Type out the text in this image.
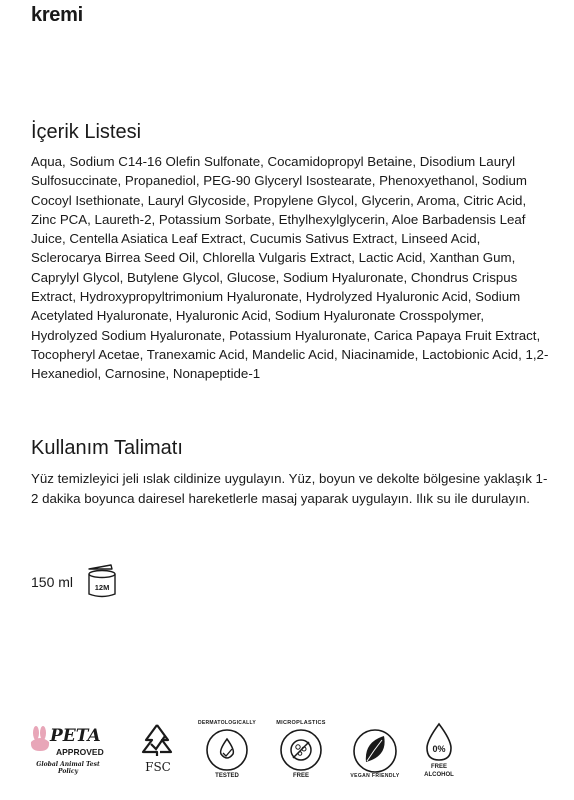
kremi
İçerik Listesi

Aqua, Sodium C14-16 Olefin Sulfonate, Cocamidopropyl Betaine, Disodium Lauryl Sulfosuccinate, Propanediol, PEG-90 Glyceryl Isostearate, Phenoxyethanol, Sodium Cocoyl Isethionate, Lauryl Glycoside, Propylene Glycol, Glycerin, Aroma, Citric Acid, Zinc PCA, Laureth-2, Potassium Sorbate, Ethylhexylglycerin, Aloe Barbadensis Leaf Juice, Centella Asiatica Leaf Extract, Cucumis Sativus Extract, Linseed Acid, Sclerocarya Birrea Seed Oil, Chlorella Vulgaris Extract, Lactic Acid, Xanthan Gum, Caprylyl Glycol, Butylene Glycol, Glucose, Sodium Hyaluronate, Chondrus Crispus Extract, Hydroxypropyltrimonium Hyaluronate, Hydrolyzed Hyaluronic Acid, Sodium Acetylated Hyaluronate, Hyaluronic Acid, Sodium Hyaluronate Crosspolymer, Hydrolyzed Sodium Hyaluronate, Potassium Hyaluronate, Carica Papaya Fruit Extract, Tocopheryl Acetae, Tranexamic Acid, Mandelic Acid, Niacinamide, Lactobionic Acid, 1,2-Hexanediol, Carnosine, Nonapeptide-1

Kullanım Talimatı

Yüz temizleyici jeli ıslak cildinize uygulayın. Yüz, boyun ve dekolte bölgesine yaklaşık 1-2 dakika boyunca dairesel hareketlerle masaj yaparak uygulayın. Ilık su ile durulayın.

150 ml	12M
PETA
APPROVED
Global Animal Test Policy	FSC
DERMATOLOGICALLY
TESTED
MICROPLASTICS
FREE	VEGAN FRIENDLY
0%
FREE
ALCOHOL
